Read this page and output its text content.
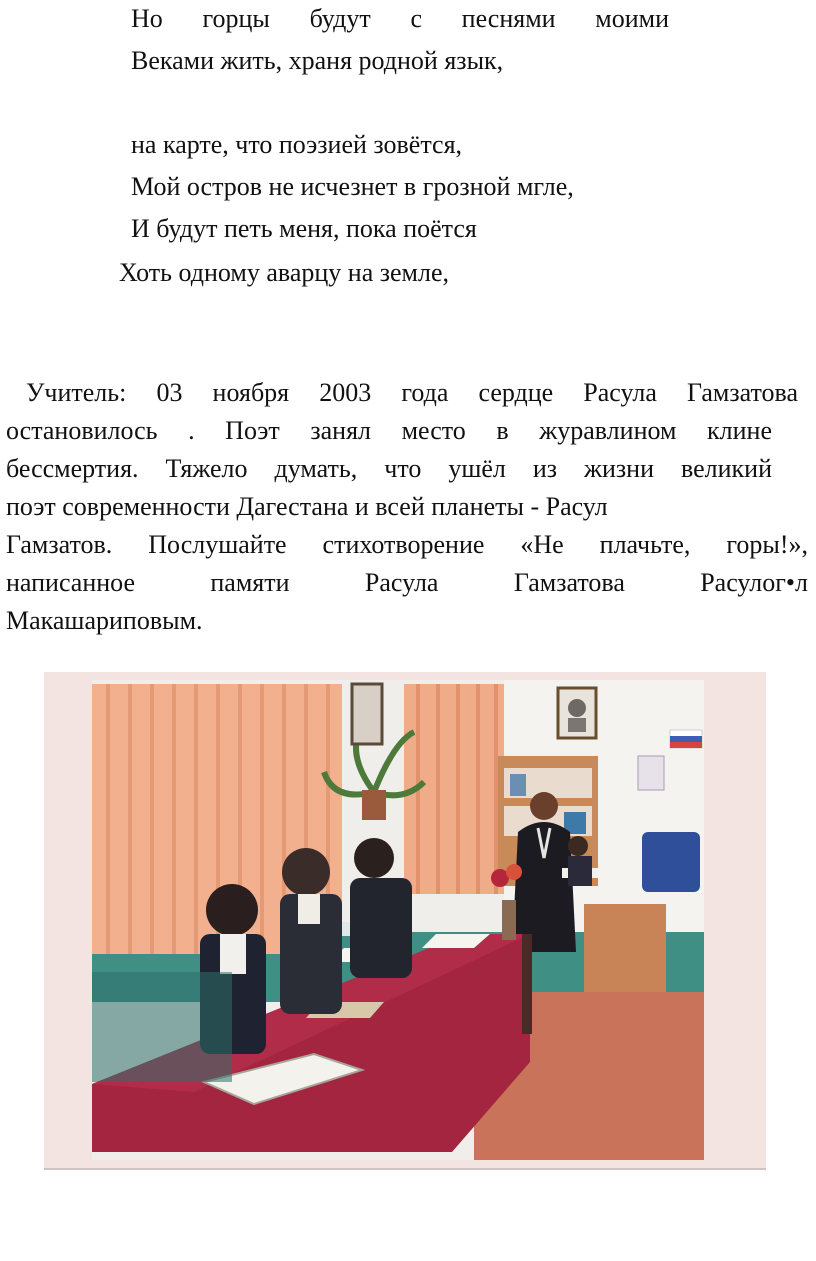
Но горцы будут с песнями моими
Веками жить, храня родной язык,
на карте, что поэзией зовётся,
Мой остров не исчезнет в грозной мгле,
И будут петь меня, пока поётся
Хоть одному аварцу на земле,
Учитель: 03 ноября 2003 года сердце Расула Гамзатова
остановилось . Поэт занял место в журавлином клине
бессмертия. Тяжело думать, что ушёл из жизни великий
поэт современности Дагестана и всей планеты - Расул
Гамзатов. Послушайте стихотворение «Не плачьте, горы!»,
написанное памяти Расула Гамзатова Расулог•л
Макашариповым.
